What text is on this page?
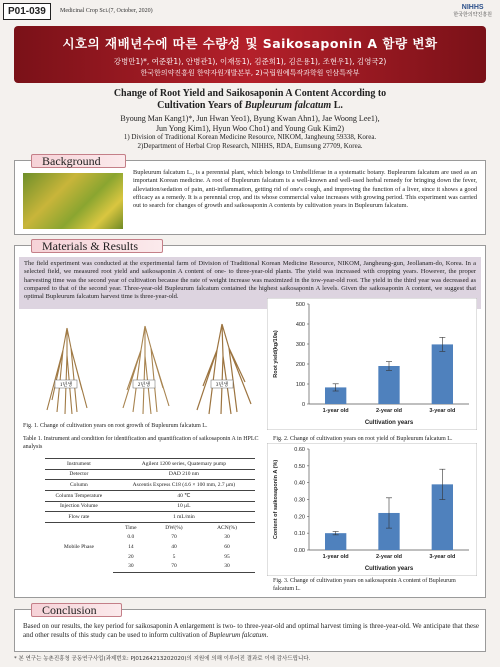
P01-039	Medicinal Crop Sci.(7, October, 2020)	NIHHS
한국한의약진흥원
시호의 재배년수에 따른 수량성 및 Saikosaponin A 함량 변화
강병만1)*, 여준환1), 안병관1), 이재동1), 김준희1), 김은용1), 조현우1), 김영국2)
한국한의약진흥원 한약자원개발본부, 2)국립원예특작과학원 인삼특작부
Change of Root Yield and Saikosaponin A Content According to
Cultivation Years of Bupleurum falcatum L.
Byoung Man Kang1)*, Jun Hwan Yeo1), Byung Kwan Ahn1), Jae Woong Lee1),
Jun Yong Kim1), Hyun Woo Cho1) and Young Guk Kim2)
1) Division of Traditional Korean Medicine Resource, NIKOM, Jangheung 59338, Korea.
2)Department of Herbal Crop Research, NIHHS, RDA, Eumsung 27709, Korea.
Background
Bupleurum falcatum L., is a perennial plant, which belongs to Umbelliferae in a systematic botany. Bupleurum falcatum are used as an important Korean medicine. A root of Bupleurum falcatum is a well-known and well-used herbal remedy for bringing down the fever, alleviation/sedation of pain, anti-inflammation, getting rid of one's cough, and improving the function of a liver, since it shows a good efficacy as a remedy. It is a perennial crop, and its whose commercial value increases with growing period. This experiment was carried out to search for changes of growth and saikosaponin A contents by cultivation years in Bupleurum falcatum.
Materials & Results
The field experiment was conducted at the experimental farm of Division of Traditional Korean Medicine Resource, NIKOM, Jangheung-gun, Jeollanam-do, Korea. In a selected field, we measured root yield and saikosaponin A content of one- to three-year-old plants. The yield was increased with cropping years. However, the proper harvesting time was the second year of cultivation because the rate of weight increase was maximized in the tow-year-old root. The yield in the third year was decreased as compared to that of the second year. Three-year-old Bupleurum falcatum contained the highest saikosaponin A levels. Given the saikosaponin A content, we suggest that optimal Bupleurum falcatum harvest time is three-year-old.
1년생	2년생	3년생
Fig. 1. Change of cultivation years on root growth of Bupleurum falcatum L.
Table 1. Instrument and condition for identification and quantification of saikosaponin A in HPLC analysis
Instrument	Agilent 1200 series, Quaternary pump		
Detector	DAD 210 nm		
Column	Ascentis Express C18 (4.6 × 100 mm, 2.7 μm)		
Column Temperature	40 ℃		
Injection Volume	10 μL		
Flow rate	1 mL/min		
Mobile Phase	Time	DW(%)	ACN(%)
	0.0	70	30
	14	40	60
	20	5	95
	30	70	30
0
100
200
300
400
500
1-year old	2-year old	3-year old
Cultivation years
Root yield(kg/10a)
Fig. 2. Change of cultivation years on root yield of Bupleurum falcatum L.
0.00
0.10
0.20
0.30
0.40
0.50
0.60
1-year old	2-year old	3-year old
Cultivation years
Content of saikosaponin A (%)
Fig. 3. Change of cultivation years on saikosaponin A content of Bupleurum falcatum L.
Conclusion
Based on our results, the key period for saikosaponin A enlargement is two- to three-year-old and optimal harvest timing is three-year-old. We anticipate that these and other results of this study can be used to inform cultivation of Bupleurum falcatum.
* 본 연구는 농촌진흥청 공동연구사업(과제번호: PJ01264213202020)의 지원에 의해 이루어진 결과로 이에 감사드립니다.
